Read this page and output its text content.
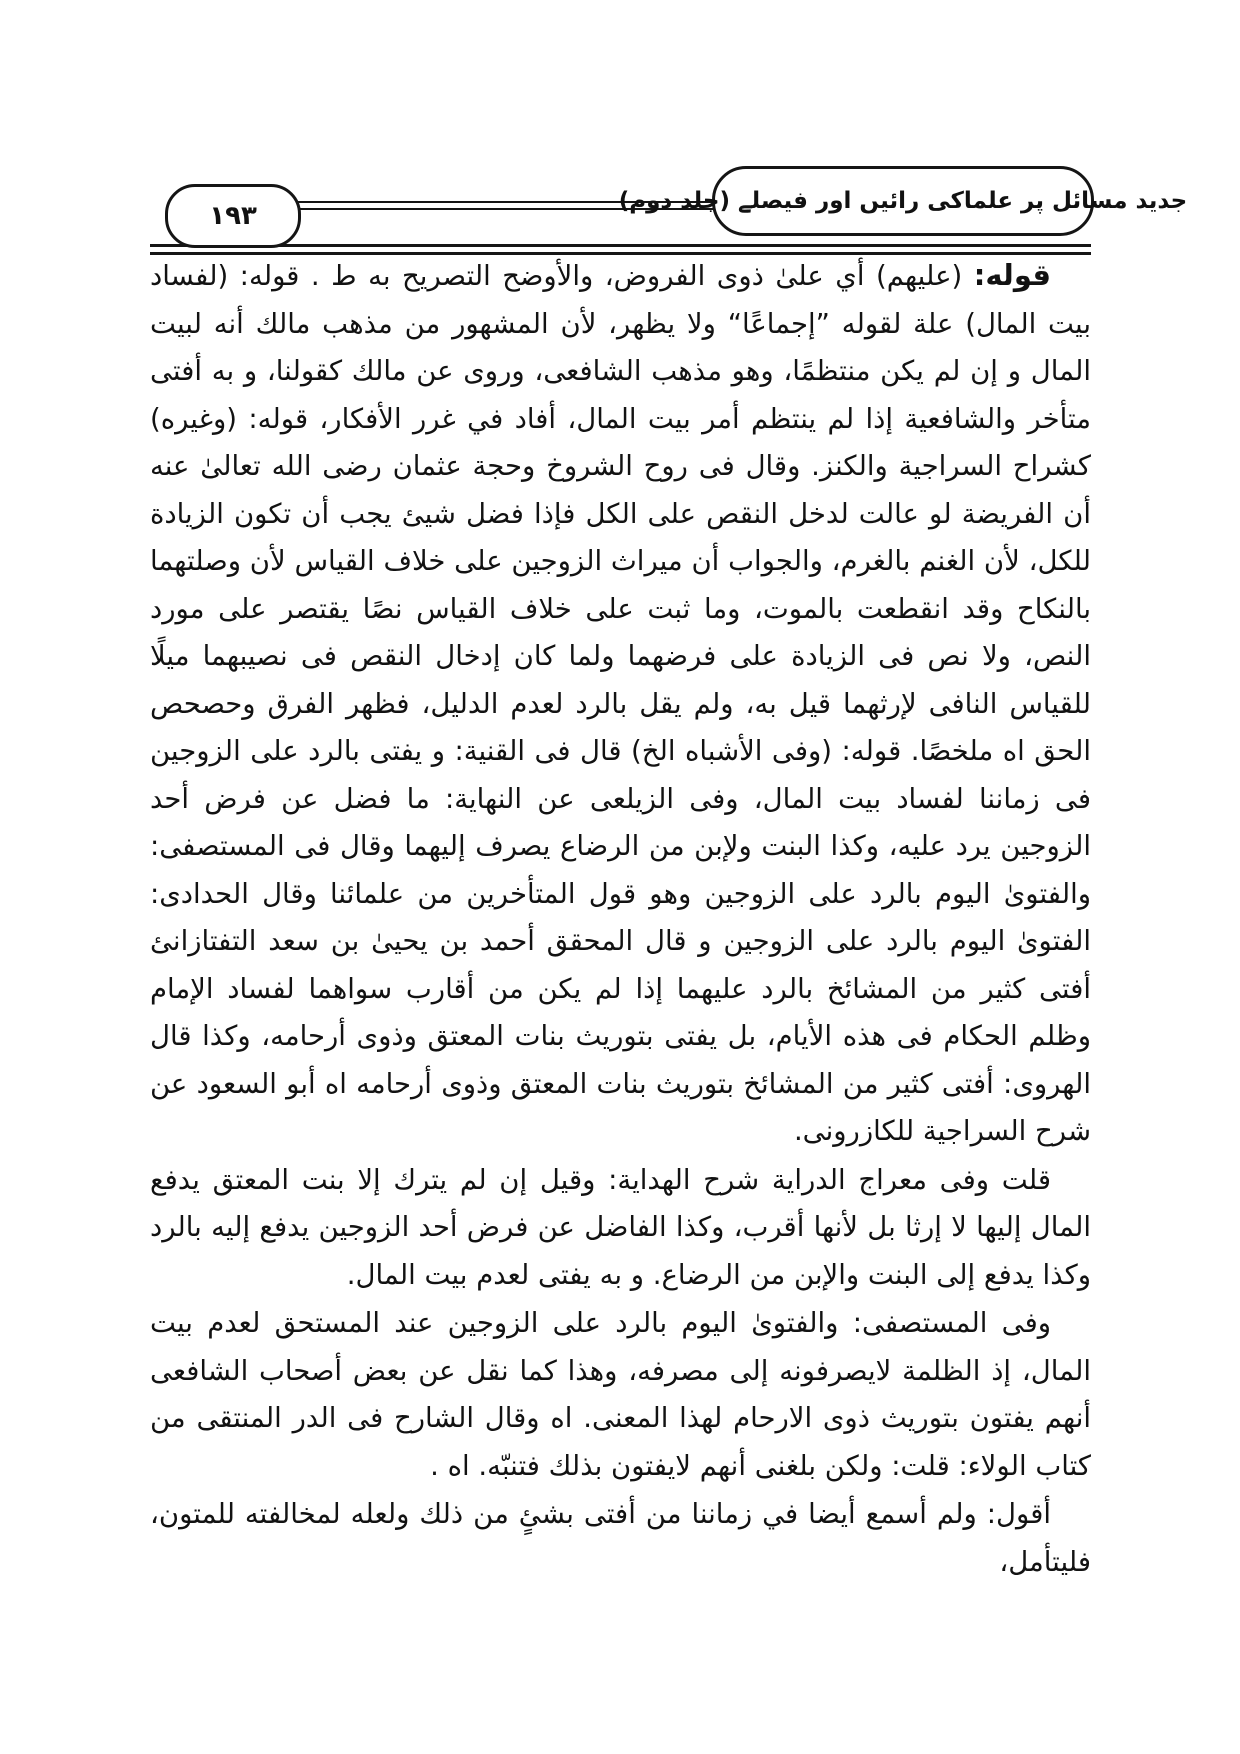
۱۹۳	جدید مسائل پر علماکی رائیں اور فیصلے (جلد دوم)

قوله: (عليهم) أي علىٰ ذوى الفروض، والأوضح التصريح به ط . قوله: (لفساد بيت المال) علة لقوله ”إجماعًا“ ولا يظهر، لأن المشهور من مذهب مالك أنه لبيت المال و إن لم يكن منتظمًا، وهو مذهب الشافعى، وروى عن مالك كقولنا، و به أفتى متأخر والشافعية إذا لم ينتظم أمر بيت المال، أفاد في غرر الأفكار، قوله: (وغيره) كشراح السراجية والكنز. وقال فى روح الشروخ وحجة عثمان رضى الله تعالىٰ عنه أن الفريضة لو عالت لدخل النقص على الكل فإذا فضل شيئ يجب أن تكون الزيادة للكل، لأن الغنم بالغرم، والجواب أن ميراث الزوجين على خلاف القياس لأن وصلتهما بالنكاح وقد انقطعت بالموت، وما ثبت على خلاف القياس نصًا يقتصر على مورد النص، ولا نص فى الزيادة على فرضهما ولما كان إدخال النقص فى نصيبهما ميلًا للقياس النافى لإرثهما قيل به، ولم يقل بالرد لعدم الدليل، فظهر الفرق وحصحص الحق اه ملخصًا. قوله: (وفى الأشباه الخ) قال فى القنية: و يفتى بالرد على الزوجين فى زماننا لفساد بيت المال، وفى الزيلعى عن النهاية: ما فضل عن فرض أحد الزوجين يرد عليه، وكذا البنت ولإبن من الرضاع يصرف إليهما وقال فى المستصفى: والفتوىٰ اليوم بالرد على الزوجين وهو قول المتأخرين من علمائنا وقال الحدادى: الفتوىٰ اليوم بالرد على الزوجين و قال المحقق أحمد بن يحيىٰ بن سعد التفتازانئ أفتى كثير من المشائخ بالرد عليهما إذا لم يكن من أقارب سواهما لفساد الإمام وظلم الحكام فى هذه الأيام، بل يفتى بتوريث بنات المعتق وذوى أرحامه، وكذا قال الهروى: أفتى كثير من المشائخ بتوريث بنات المعتق وذوى أرحامه اه أبو السعود عن شرح السراجية للكازرونى.

قلت وفى معراج الدراية شرح الهداية: وقيل إن لم يترك إلا بنت المعتق يدفع المال إليها لا إرثا بل لأنها أقرب، وكذا الفاضل عن فرض أحد الزوجين يدفع إليه بالرد وكذا يدفع إلى البنت والإبن من الرضاع. و به يفتى لعدم بيت المال.

وفى المستصفى: والفتوىٰ اليوم بالرد على الزوجين عند المستحق لعدم بيت المال، إذ الظلمة لايصرفونه إلى مصرفه، وهذا كما نقل عن بعض أصحاب الشافعى أنهم يفتون بتوريث ذوى الارحام لهذا المعنى. اه وقال الشارح فى الدر المنتقى من كتاب الولاء: قلت: ولكن بلغنى أنهم لايفتون بذلك فتنبّه. اه .

أقول: ولم أسمع أيضا في زماننا من أفتى بشئٍ من ذلك ولعله لمخالفته للمتون، فليتأمل،
